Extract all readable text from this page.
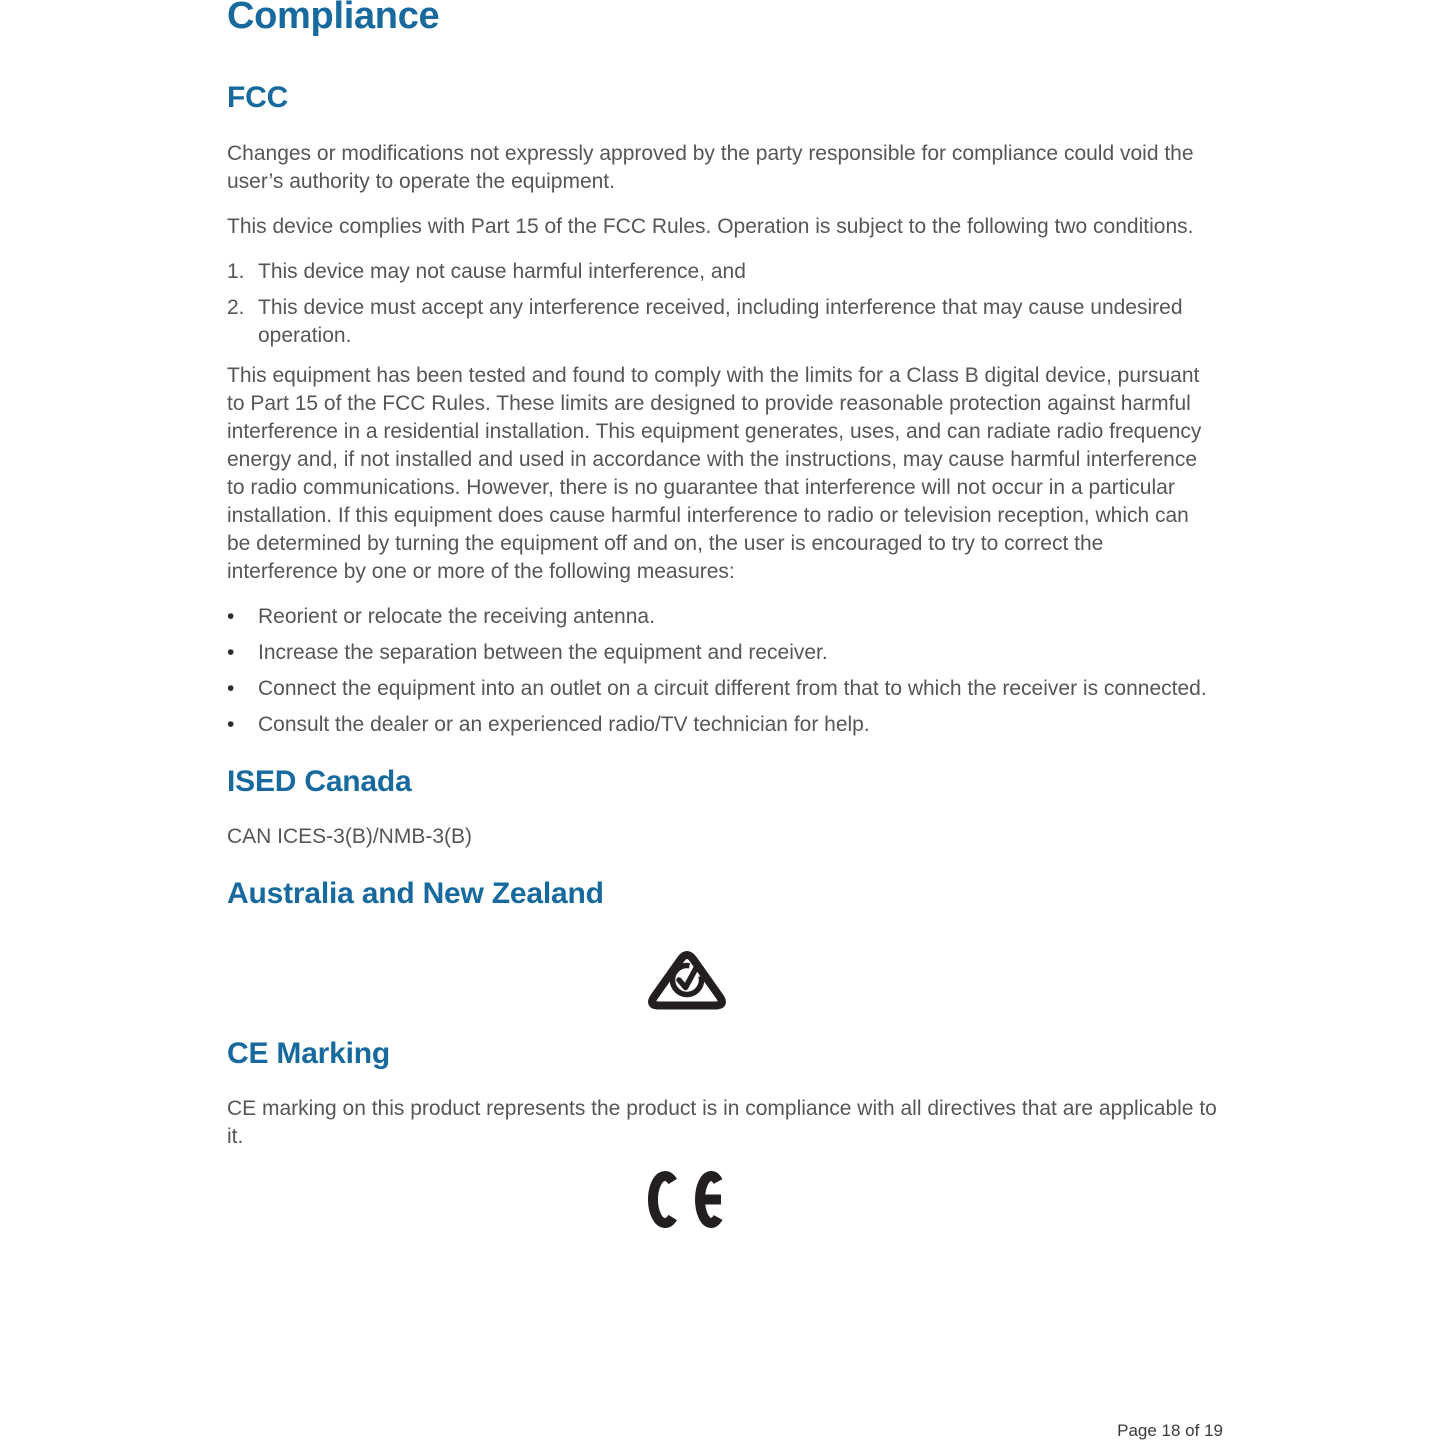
Compliance
FCC

Changes or modifications not expressly approved by the party responsible for compliance could void the user’s authority to operate the equipment.

This device complies with Part 15 of the FCC Rules. Operation is subject to the following two conditions.

1. This device may not cause harmful interference, and
2. This device must accept any interference received, including interference that may cause undesired operation.

This equipment has been tested and found to comply with the limits for a Class B digital device, pursuant to Part 15 of the FCC Rules. These limits are designed to provide reasonable protection against harmful interference in a residential installation. This equipment generates, uses, and can radiate radio frequency energy and, if not installed and used in accordance with the instructions, may cause harmful interference to radio communications. However, there is no guarantee that interference will not occur in a particular installation. If this equipment does cause harmful interference to radio or television reception, which can be determined by turning the equipment off and on, the user is encouraged to try to correct the interference by one or more of the following measures:

•	Reorient or relocate the receiving antenna.
•	Increase the separation between the equipment and receiver.
•	Connect the equipment into an outlet on a circuit different from that to which the receiver is connected.
•	Consult the dealer or an experienced radio/TV technician for help.
ISED Canada

CAN ICES-3(B)/NMB-3(B)

Australia and New Zealand
CE Marking

CE marking on this product represents the product is in compliance with all directives that are applicable to it.

Page 18 of 19
